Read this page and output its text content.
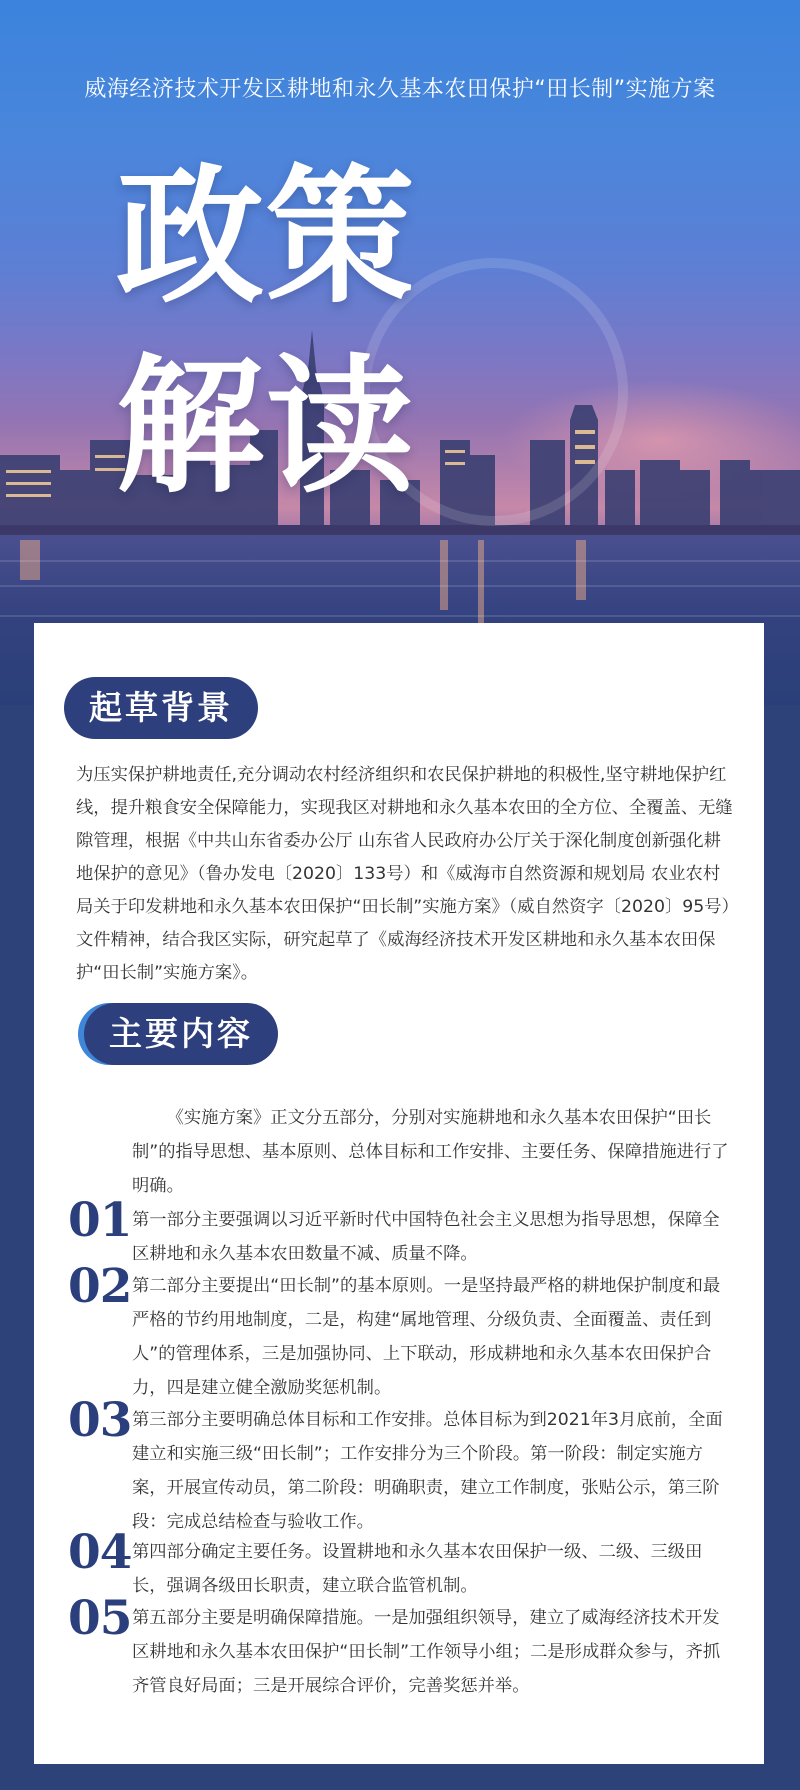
威海经济技术开发区耕地和永久基本农田保护“田长制”实施方案
政策
解读
起草背景
为压实保护耕地责任,充分调动农村经济组织和农民保护耕地的积极性,坚守耕地保护红线，提升粮食安全保障能力，实现我区对耕地和永久基本农田的全方位、全覆盖、无缝隙管理，根据《中共山东省委办公厅 山东省人民政府办公厅关于深化制度创新强化耕地保护的意见》（鲁办发电〔2020〕133号）和《威海市自然资源和规划局 农业农村局关于印发耕地和永久基本农田保护“田长制”实施方案》（威自然资字〔2020〕95号）文件精神，结合我区实际，研究起草了《威海经济技术开发区耕地和永久基本农田保护“田长制”实施方案》。
主要内容
《实施方案》正文分五部分，分别对实施耕地和永久基本农田保护“田长制”的指导思想、基本原则、总体目标和工作安排、主要任务、保障措施进行了明确。
01 第一部分主要强调以习近平新时代中国特色社会主义思想为指导思想，保障全区耕地和永久基本农田数量不减、质量不降。
02 第二部分主要提出“田长制”的基本原则。一是坚持最严格的耕地保护制度和最严格的节约用地制度，二是，构建“属地管理、分级负责、全面覆盖、责任到人”的管理体系，三是加强协同、上下联动，形成耕地和永久基本农田保护合力，四是建立健全激励奖惩机制。
03 第三部分主要明确总体目标和工作安排。总体目标为到2021年3月底前，全面建立和实施三级“田长制”；工作安排分为三个阶段。第一阶段：制定实施方案，开展宣传动员，第二阶段：明确职责，建立工作制度，张贴公示，第三阶段：完成总结检查与验收工作。
04 第四部分确定主要任务。设置耕地和永久基本农田保护一级、二级、三级田长，强调各级田长职责，建立联合监管机制。
05 第五部分主要是明确保障措施。一是加强组织领导，建立了威海经济技术开发区耕地和永久基本农田保护“田长制”工作领导小组；二是形成群众参与，齐抓齐管良好局面；三是开展综合评价，完善奖惩并举。
